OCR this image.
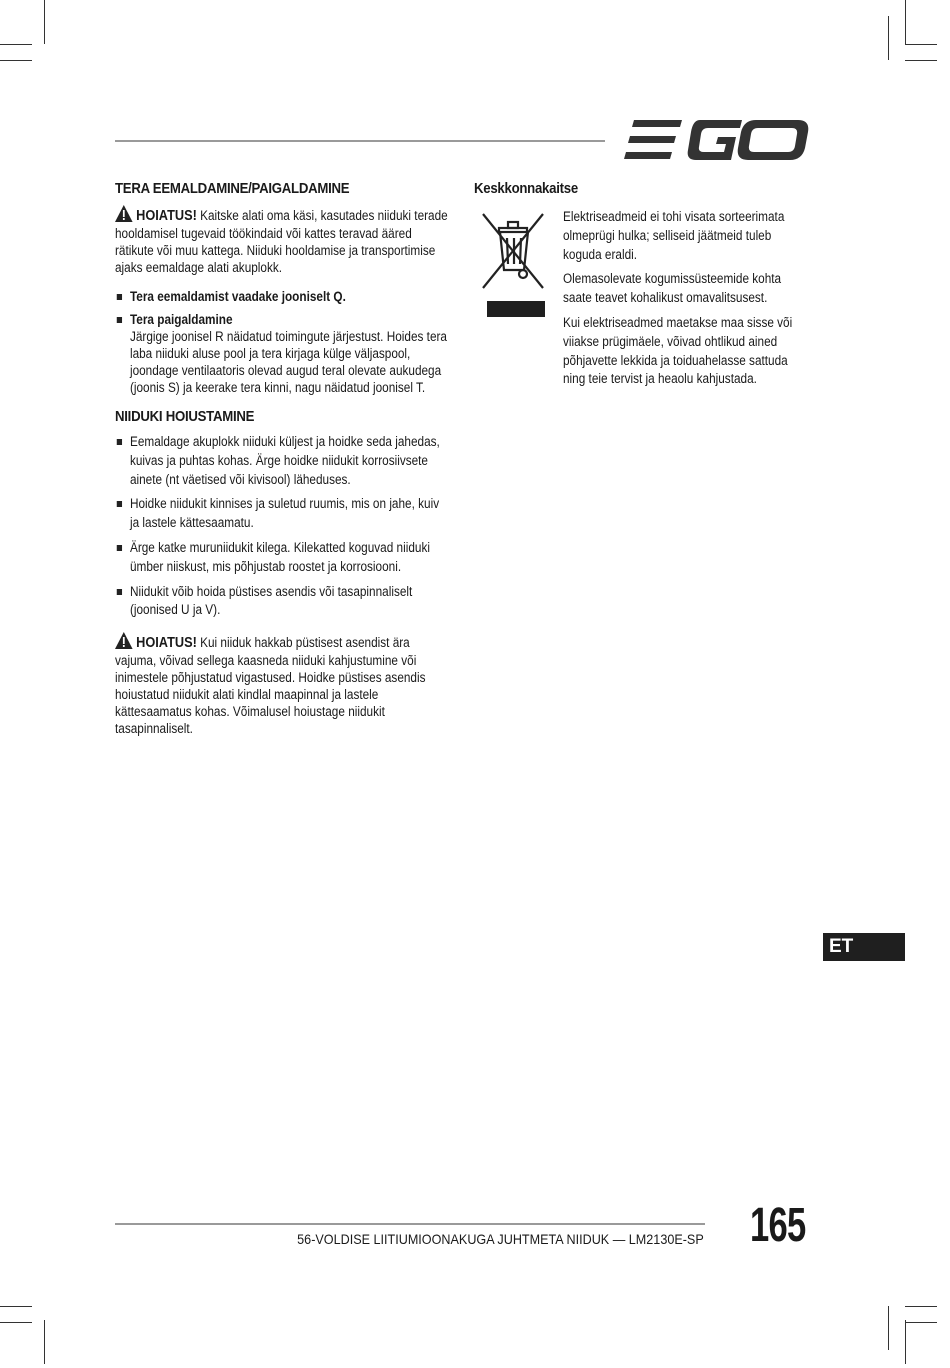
TERA EEMALDAMINE/PAIGALDAMINE

HOIATUS! Kaitske alati oma käsi, kasutades niiduki terade hooldamisel tugevaid töökindaid või kattes teravad ääred rätikute või muu kattega. Niiduki hooldamise ja transportimise ajaks eemaldage alati akuplokk.

Tera eemaldamist vaadake jooniselt Q.
Tera paigaldamine
Järgige joonisel R näidatud toimingute järjestust. Hoides tera laba niiduki aluse pool ja tera kirjaga külge väljaspool, joondage ventilaatoris olevad augud teral olevate aukudega (joonis S) ja keerake tera kinni, nagu näidatud joonisel T.
NIIDUKI HOIUSTAMINE
Eemaldage akuplokk niiduki küljest ja hoidke seda jahedas, kuivas ja puhtas kohas. Ärge hoidke niidukit korrosiivsete ainete (nt väetised või kivisool) läheduses.
Hoidke niidukit kinnises ja suletud ruumis, mis on jahe, kuiv ja lastele kättesaamatu.
Ärge katke muruniidukit kilega. Kilekatted koguvad niiduki ümber niiskust, mis põhjustab roostet ja korrosiooni.
Niidukit võib hoida püstises asendis või tasapinnaliselt (joonised U ja V).

HOIATUS! Kui niiduk hakkab püstisest asendist ära vajuma, võivad sellega kaasneda niiduki kahjustumine või inimestele põhjustatud vigastused. Hoidke püstises asendis hoiustatud niidukit alati kindlal maapinnal ja lastele kättesaamatus kohas. Võimalusel hoiustage niidukit tasapinnaliselt.

Keskkonnakaitse

Elektriseadmeid ei tohi visata sorteerimata olmeprügi hulka; selliseid jäätmeid tuleb koguda eraldi.

Olemasolevate kogumissüsteemide kohta saate teavet kohalikust omavalitsusest.

Kui elektriseadmed maetakse maa sisse või viiakse prügimäele, võivad ohtlikud ained põhjavette lekkida ja toiduahelasse sattuda ning teie tervist ja heaolu kahjustada.

ET
56-VOLDISE LIITIUMIOONAKUGA JUHTMETA NIIDUK — LM2130E-SP 165
